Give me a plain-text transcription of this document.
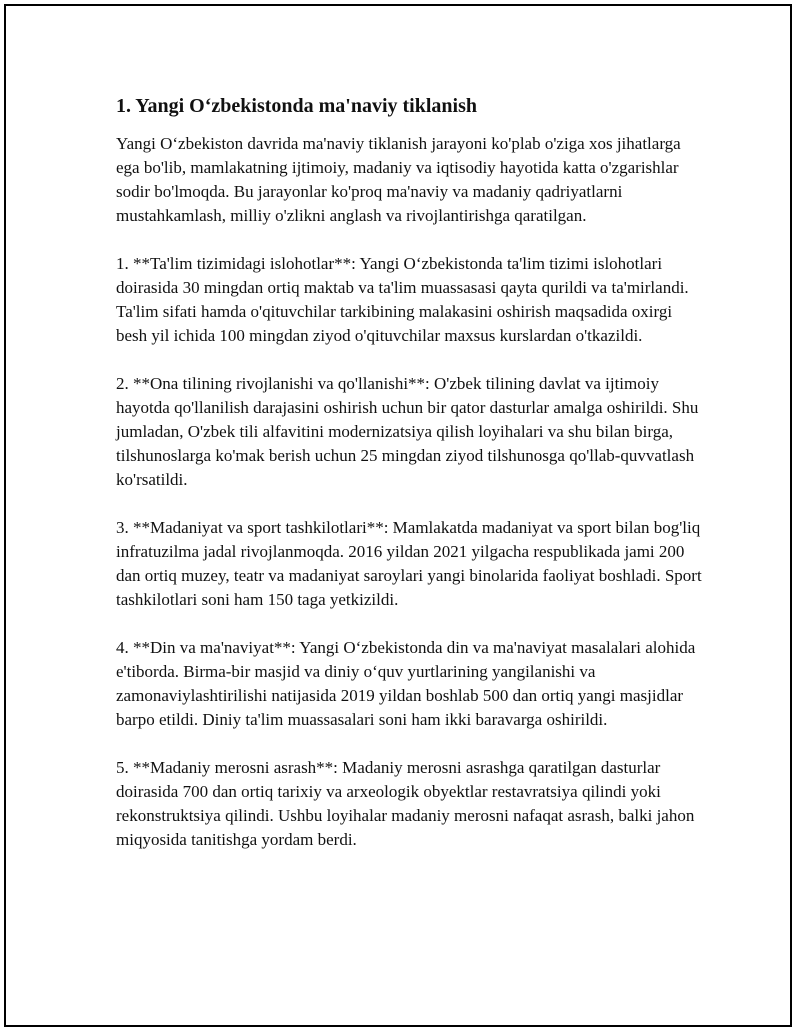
1. Yangi O‘zbekistonda ma'naviy tiklanish

Yangi O‘zbekiston davrida ma'naviy tiklanish jarayoni ko'plab o'ziga xos jihatlarga ega bo'lib, mamlakatning ijtimoiy, madaniy va iqtisodiy hayotida katta o'zgarishlar sodir bo'lmoqda. Bu jarayonlar ko'proq ma'naviy va madaniy qadriyatlarni mustahkamlash, milliy o'zlikni anglash va rivojlantirishga qaratilgan.

1. **Ta'lim tizimidagi islohotlar**: Yangi O‘zbekistonda ta'lim tizimi islohotlari doirasida 30 mingdan ortiq maktab va ta'lim muassasasi qayta qurildi va ta'mirlandi. Ta'lim sifati hamda o'qituvchilar tarkibining malakasini oshirish maqsadida oxirgi besh yil ichida 100 mingdan ziyod o'qituvchilar maxsus kurslardan o'tkazildi.

2. **Ona tilining rivojlanishi va qo'llanishi**: O'zbek tilining davlat va ijtimoiy hayotda qo'llanilish darajasini oshirish uchun bir qator dasturlar amalga oshirildi. Shu jumladan, O'zbek tili alfavitini modernizatsiya qilish loyihalari va shu bilan birga, tilshunoslarga ko'mak berish uchun 25 mingdan ziyod tilshunosga qo'llab-quvvatlash ko'rsatildi.

3. **Madaniyat va sport tashkilotlari**: Mamlakatda madaniyat va sport bilan bog'liq infratuzilma jadal rivojlanmoqda. 2016 yildan 2021 yilgacha respublikada jami 200 dan ortiq muzey, teatr va madaniyat saroylari yangi binolarida faoliyat boshladi. Sport tashkilotlari soni ham 150 taga yetkizildi.

4. **Din va ma'naviyat**: Yangi O‘zbekistonda din va ma'naviyat masalalari alohida e'tiborda. Birma-bir masjid va diniy o‘quv yurtlarining yangilanishi va zamonaviylashtirilishi natijasida 2019 yildan boshlab 500 dan ortiq yangi masjidlar barpo etildi. Diniy ta'lim muassasalari soni ham ikki baravarga oshirildi.

5. **Madaniy merosni asrash**: Madaniy merosni asrashga qaratilgan dasturlar doirasida 700 dan ortiq tarixiy va arxeologik obyektlar restavratsiya qilindi yoki rekonstruktsiya qilindi. Ushbu loyihalar madaniy merosni nafaqat asrash, balki jahon miqyosida tanitishga yordam berdi.
